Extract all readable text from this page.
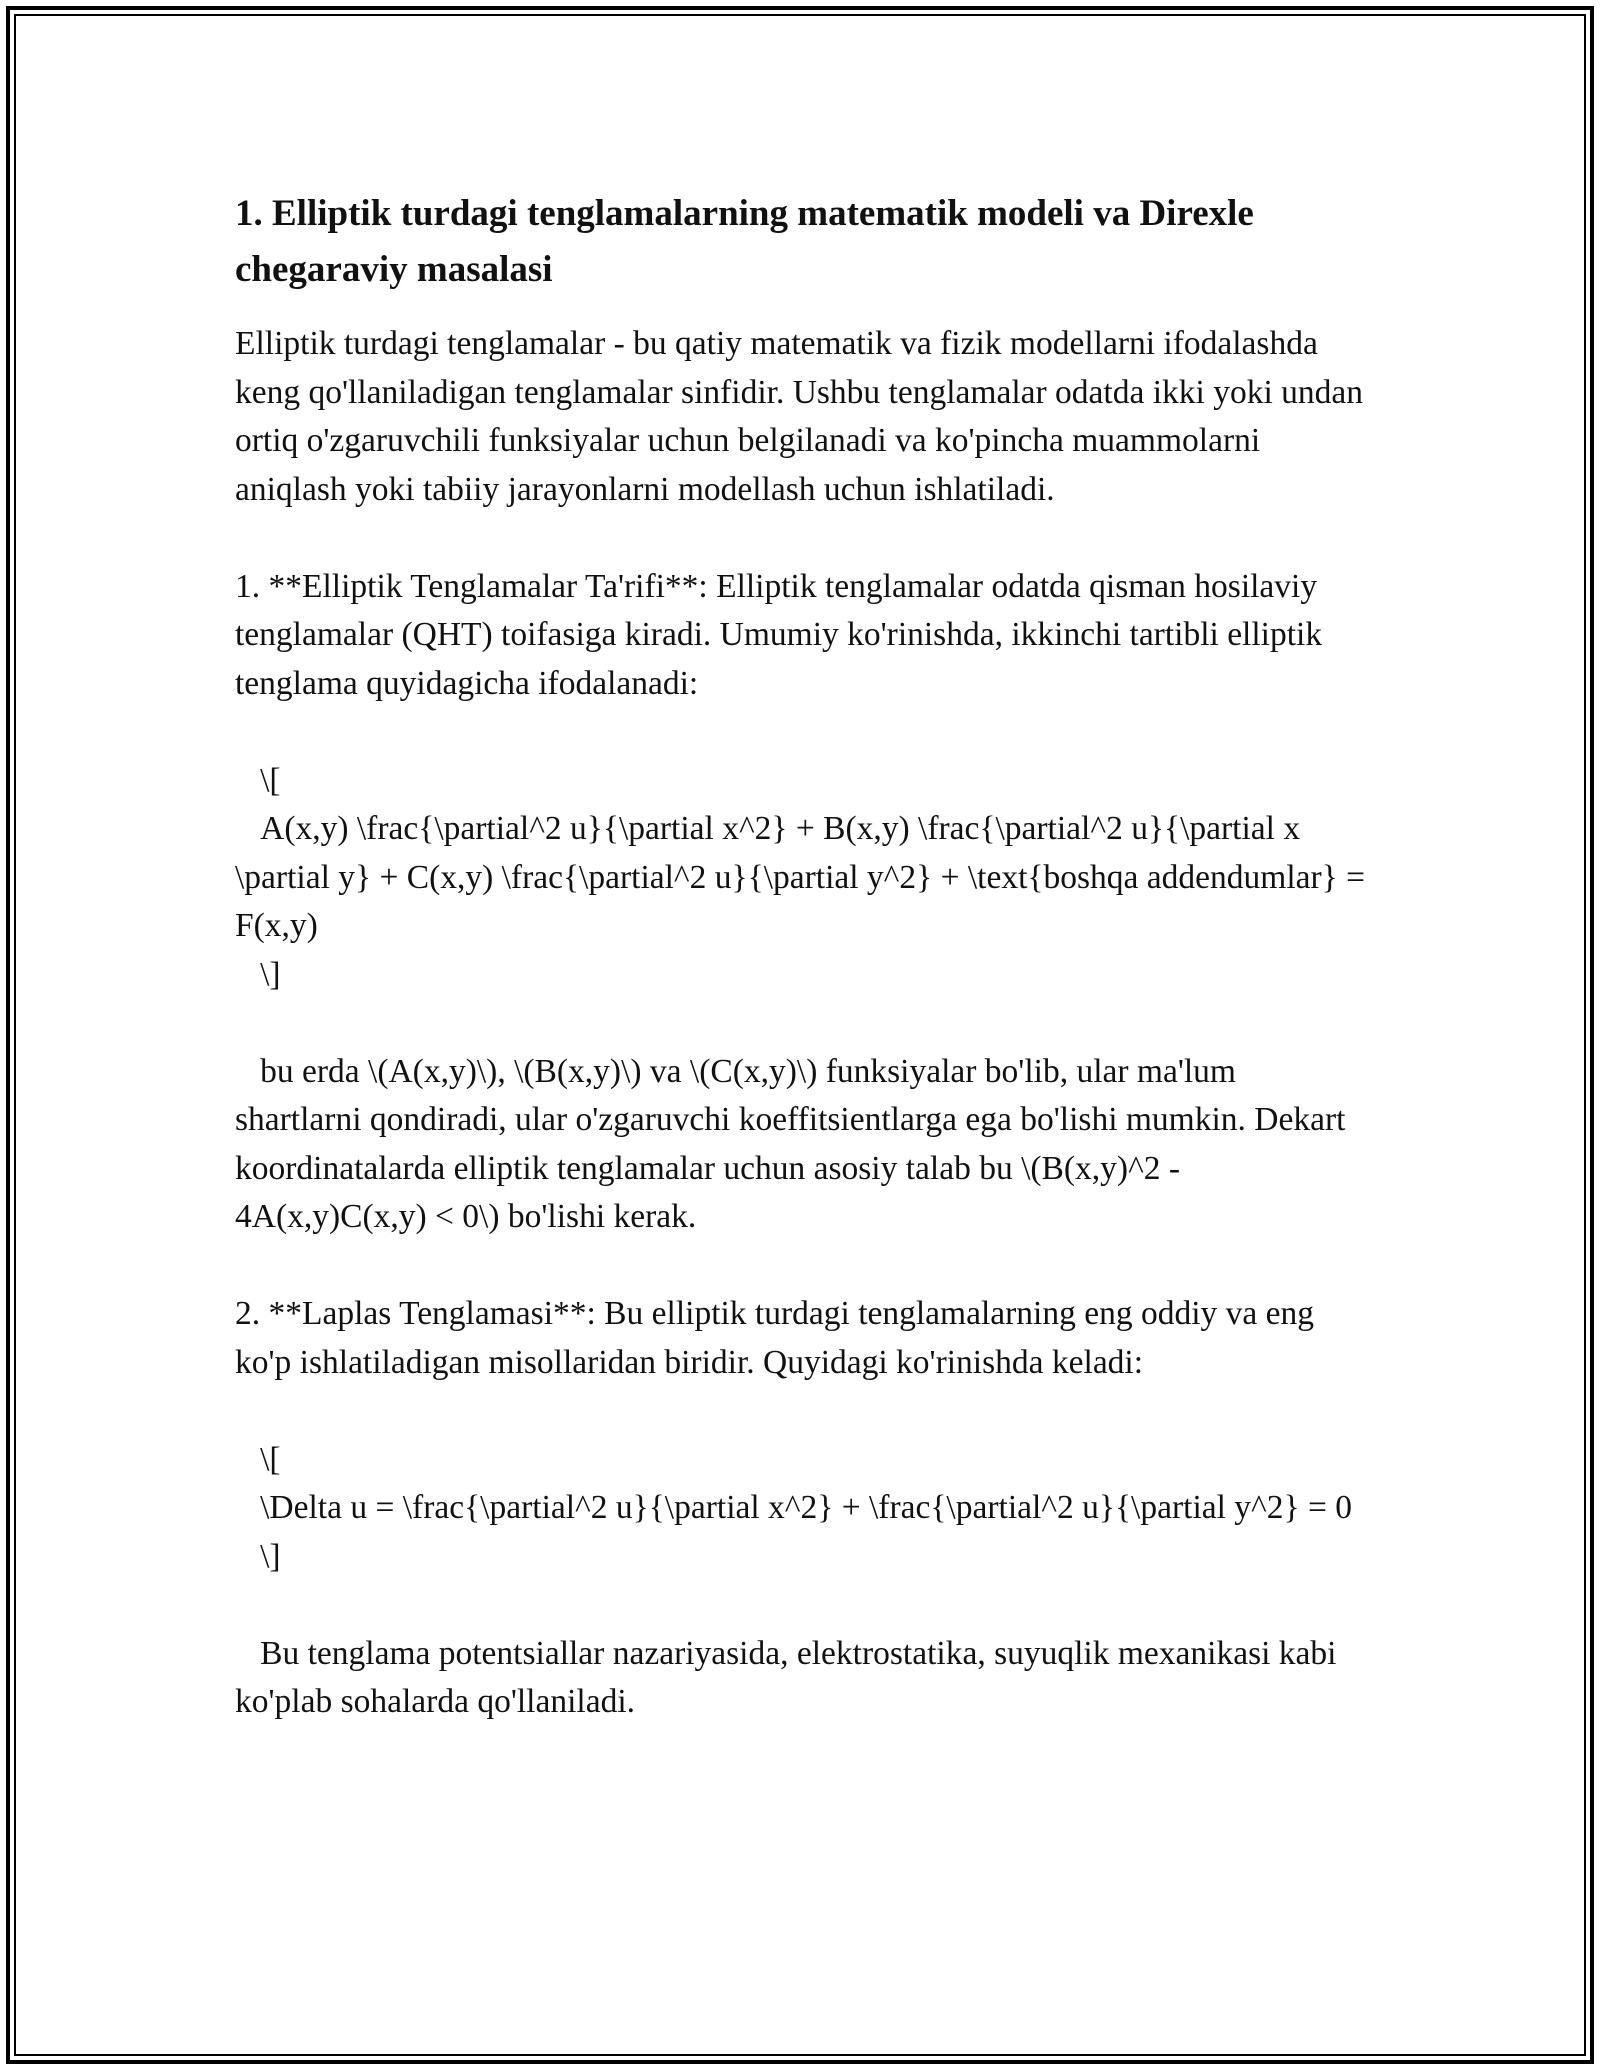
1. Elliptik turdagi tenglamalarning matematik modeli va Direxle chegaraviy masalasi

Elliptik turdagi tenglamalar - bu qatiy matematik va fizik modellarni ifodalashda keng qo'llaniladigan tenglamalar sinfidir. Ushbu tenglamalar odatda ikki yoki undan ortiq o'zgaruvchili funksiyalar uchun belgilanadi va ko'pincha muammolarni aniqlash yoki tabiiy jarayonlarni modellash uchun ishlatiladi.

1. **Elliptik Tenglamalar Ta'rifi**: Elliptik tenglamalar odatda qisman hosilaviy tenglamalar (QHT) toifasiga kiradi. Umumiy ko'rinishda, ikkinchi tartibli elliptik tenglama quyidagicha ifodalanadi:

\[

A(x,y) \frac{\partial^2 u}{\partial x^2} + B(x,y) \frac{\partial^2 u}{\partial x \partial y} + C(x,y) \frac{\partial^2 u}{\partial y^2} + \text{boshqa addendumlar} = F(x,y)

\]

bu erda \(A(x,y)\), \(B(x,y)\) va \(C(x,y)\) funksiyalar bo'lib, ular ma'lum shartlarni qondiradi, ular o'zgaruvchi koeffitsientlarga ega bo'lishi mumkin. Dekart koordinatalarda elliptik tenglamalar uchun asosiy talab bu \(B(x,y)^2 - 4A(x,y)C(x,y) < 0\) bo'lishi kerak.

2. **Laplas Tenglamasi**: Bu elliptik turdagi tenglamalarning eng oddiy va eng ko'p ishlatiladigan misollaridan biridir. Quyidagi ko'rinishda keladi:

\[

\Delta u = \frac{\partial^2 u}{\partial x^2} + \frac{\partial^2 u}{\partial y^2} = 0

\]

Bu tenglama potentsiallar nazariyasida, elektrostatika, suyuqlik mexanikasi kabi ko'plab sohalarda qo'llaniladi.
